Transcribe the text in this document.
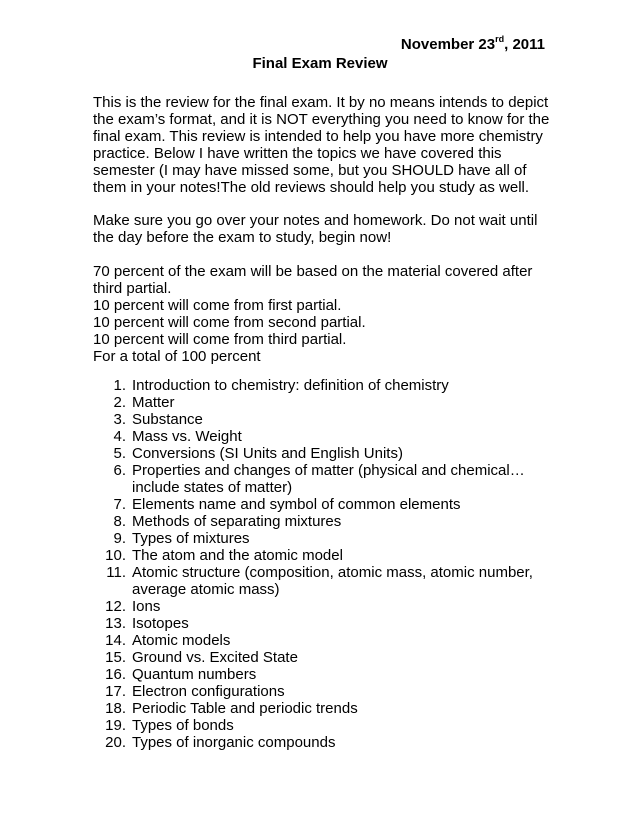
November 23rd, 2011
Final Exam Review
This is the review for the final exam. It by no means intends to depict
the exam’s format, and it is NOT everything you need to know for the
final exam. This review is intended to help you have more chemistry
practice. Below I have written the topics we have covered this
semester (I may have missed some, but you SHOULD have all of
them in your notes!The old reviews should help you study as well.
Make sure you go over your notes and homework. Do not wait until
the day before the exam to study, begin now!
70 percent of the exam will be based on the material covered after
third partial.
10 percent will come from first partial.
10 percent will come from second partial.
10 percent will come from third partial.
For a total of 100 percent
1. Introduction to chemistry: definition of chemistry
2. Matter
3. Substance
4. Mass vs. Weight
5. Conversions (SI Units and English Units)
6. Properties and changes of matter (physical and chemical…
include states of matter)
7. Elements name and symbol of common elements
8. Methods of separating mixtures
9. Types of mixtures
10. The atom and the atomic model
11. Atomic structure (composition, atomic mass, atomic number,
average atomic mass)
12. Ions
13. Isotopes
14. Atomic models
15. Ground vs. Excited State
16. Quantum numbers
17. Electron configurations
18. Periodic Table and periodic trends
19. Types of bonds
20. Types of inorganic compounds
